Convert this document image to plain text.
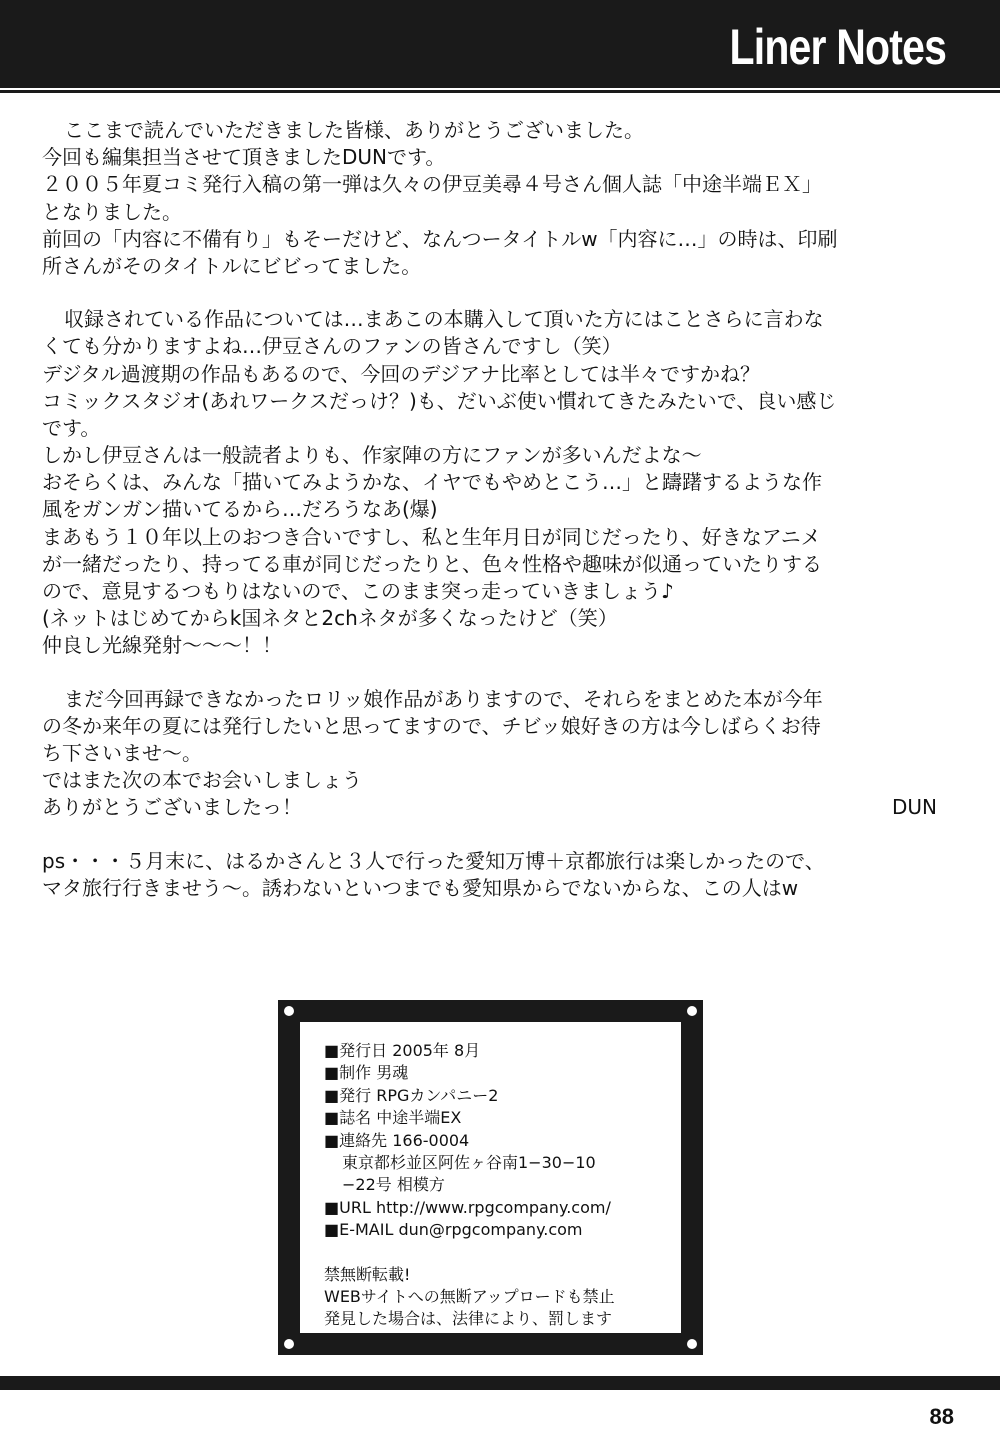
Liner Notes
ここまで読んでいただきました皆様、ありがとうございました。
今回も編集担当させて頂きましたDUNです。
２００５年夏コミ発行入稿の第一弾は久々の伊豆美尋４号さん個人誌「中途半端ＥＸ」
となりました。
前回の「内容に不備有り」もそーだけど、なんつータイトルw「内容に…」の時は、印刷
所さんがそのタイトルにビビってました。
収録されている作品については…まあこの本購入して頂いた方にはことさらに言わな
くても分かりますよね…伊豆さんのファンの皆さんですし（笑）
デジタル過渡期の作品もあるので、今回のデジアナ比率としては半々ですかね？
コミックスタジオ(あれワークスだっけ？)も、だいぶ使い慣れてきたみたいで、良い感じ
です。
しかし伊豆さんは一般読者よりも、作家陣の方にファンが多いんだよな～
おそらくは、みんな「描いてみようかな、イヤでもやめとこう…」と躊躇するような作
風をガンガン描いてるから…だろうなあ(爆)
まあもう１０年以上のおつき合いですし、私と生年月日が同じだったり、好きなアニメ
が一緒だったり、持ってる車が同じだったりと、色々性格や趣味が似通っていたりする
ので、意見するつもりはないので、このまま突っ走っていきましょう♪
(ネットはじめてからk国ネタと2chネタが多くなったけど（笑）
仲良し光線発射～～～！！
まだ今回再録できなかったロリッ娘作品がありますので、それらをまとめた本が今年
の冬か来年の夏には発行したいと思ってますので、チビッ娘好きの方は今しばらくお待
ち下さいませ～。
ではまた次の本でお会いしましょう
ありがとうございましたっ！	DUN
ps・・・５月末に、はるかさんと３人で行った愛知万博＋京都旅行は楽しかったので、
マタ旅行行きませう～。誘わないといつまでも愛知県からでないからな、この人はw
■発行日 2005年 8月
■制作 男魂
■発行 RPGカンパニー2
■誌名 中途半端EX
■連絡先 166-0004
東京都杉並区阿佐ヶ谷南1−30−10
−22号 相模方
■URL http://www.rpgcompany.com/
■E-MAIL dun@rpgcompany.com
禁無断転載!
WEBサイトへの無断アップロードも禁止
発見した場合は、法律により、罰します
88
